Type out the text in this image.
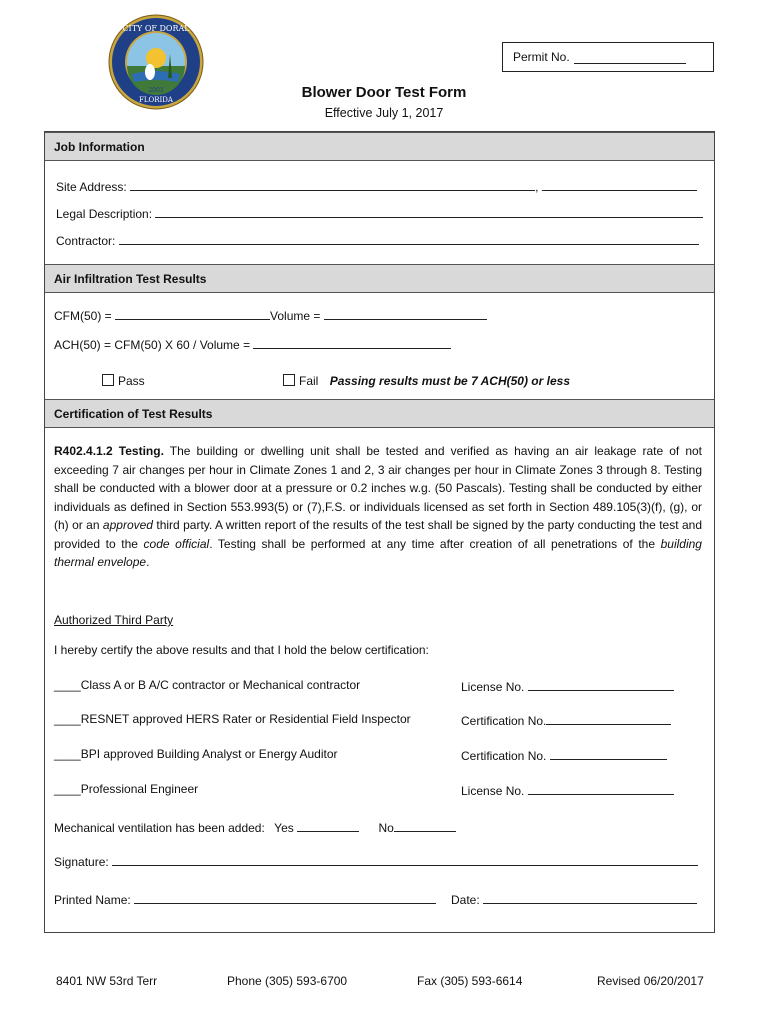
CITY OF DORAL
FLORIDA
2003
Permit No.
Blower Door Test Form
Effective July 1, 2017
Job Information
Site Address:	,
Legal Description:
Contractor:
Air Infiltration Test Results
CFM(50) =	Volume =
ACH(50) = CFM(50) X 60 / Volume =
Pass	Fail Passing results must be 7 ACH(50) or less
Certification of Test Results
R402.4.1.2 Testing. The building or dwelling unit shall be tested and verified as having an air leakage rate of not exceeding 7 air changes per hour in Climate Zones 1 and 2, 3 air changes per hour in Climate Zones 3 through 8. Testing shall be conducted with a blower door at a pressure or 0.2 inches w.g. (50 Pascals). Testing shall be conducted by either individuals as defined in Section 553.993(5) or (7),F.S. or individuals licensed as set forth in Section 489.105(3)(f), (g), or (h) or an approved third party. A written report of the results of the test shall be signed by the party conducting the test and provided to the code official. Testing shall be performed at any time after creation of all penetrations of the building thermal envelope.
Authorized Third Party
I hereby certify the above results and that I hold the below certification:
____Class A or B A/C contractor or Mechanical contractor	License No.
____RESNET approved HERS Rater or Residential Field Inspector	Certification No.
____BPI approved Building Analyst or Energy Auditor	Certification No.
____Professional Engineer	License No.
Mechanical ventilation has been added: Yes	No
Signature:
Printed Name:	Date:
8401 NW 53rd Terr	Phone (305) 593-6700	Fax (305) 593-6614	Revised 06/20/2017
